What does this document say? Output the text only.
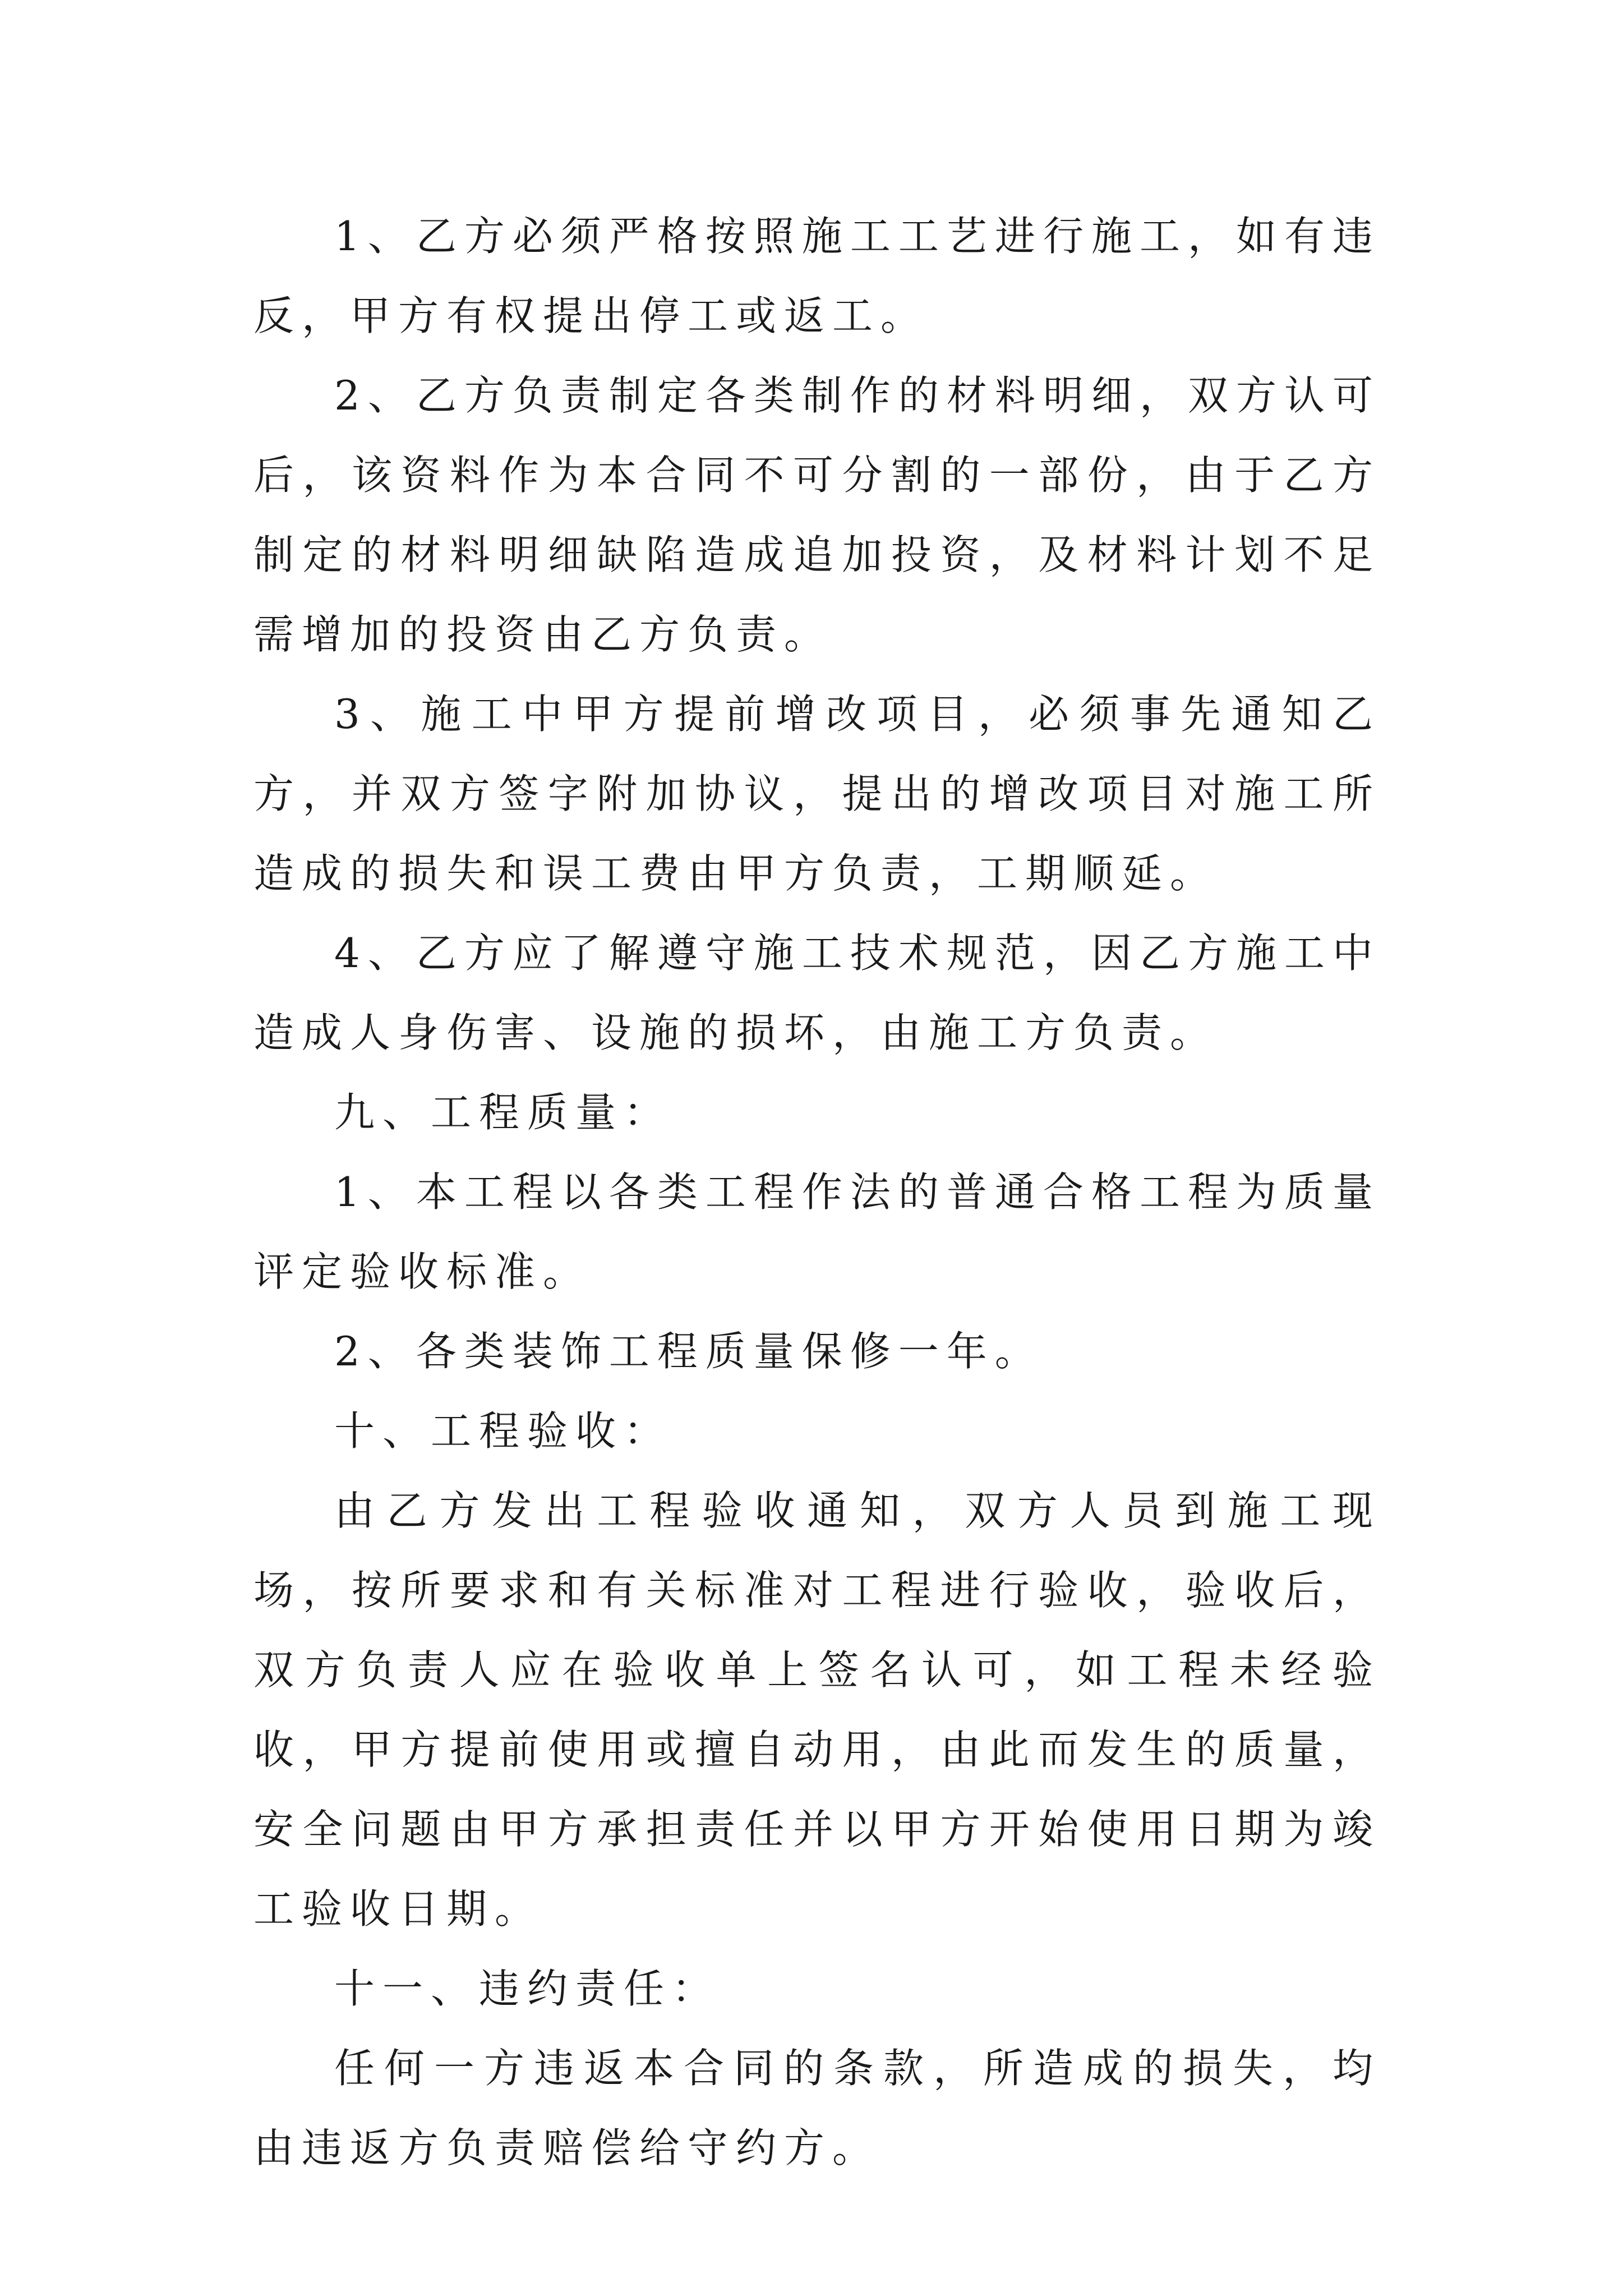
1、乙方必须严格按照施工工艺进行施工，如有违反，甲方有权提出停工或返工。

2、乙方负责制定各类制作的材料明细，双方认可后，该资料作为本合同不可分割的一部份，由于乙方制定的材料明细缺陷造成追加投资，及材料计划不足需增加的投资由乙方负责。

3、施工中甲方提前增改项目，必须事先通知乙方，并双方签字附加协议，提出的增改项目对施工所造成的损失和误工费由甲方负责，工期顺延。

4、乙方应了解遵守施工技术规范，因乙方施工中造成人身伤害、设施的损坏，由施工方负责。

九、工程质量：

1、本工程以各类工程作法的普通合格工程为质量评定验收标准。

2、各类装饰工程质量保修一年。

十、工程验收：

由乙方发出工程验收通知，双方人员到施工现场，按所要求和有关标准对工程进行验收，验收后，双方负责人应在验收单上签名认可，如工程未经验收，甲方提前使用或擅自动用，由此而发生的质量，安全问题由甲方承担责任并以甲方开始使用日期为竣工验收日期。

十一、违约责任：

任何一方违返本合同的条款，所造成的损失，均由违返方负责赔偿给守约方。
